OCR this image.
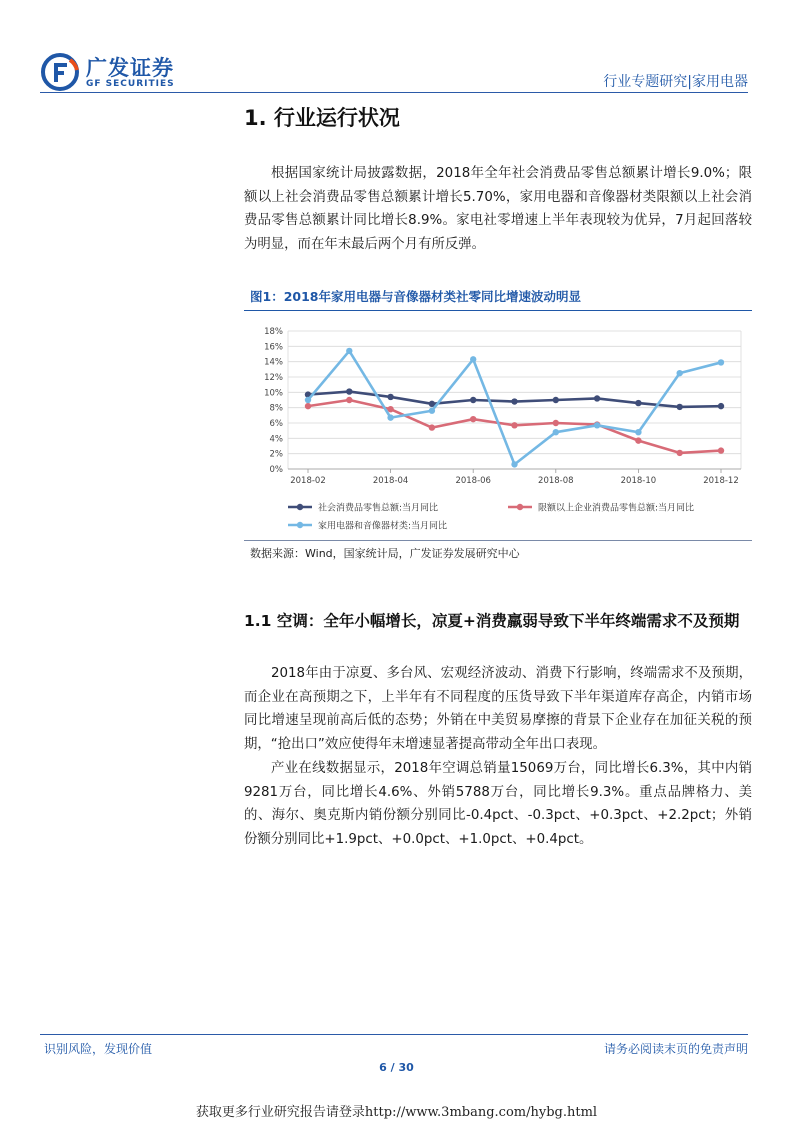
广发证券
GF SECURITIES	行业专题研究|家用电器
1. 行业运行状况
根据国家统计局披露数据，2018年全年社会消费品零售总额累计增长9.0%；限额以上社会消费品零售总额累计增长5.70%，家用电器和音像器材类限额以上社会消费品零售总额累计同比增长8.9%。家电社零增速上半年表现较为优异，7月起回落较为明显，而在年末最后两个月有所反弹。
图1：2018年家用电器与音像器材类社零同比增速波动明显
0%
2%
4%
6%
8%
10%
12%
14%
16%
18%
2018-02	2018-04	2018-06	2018-08	2018-10	2018-12
社会消费品零售总额:当月同比	限额以上企业消费品零售总额:当月同比
家用电器和音像器材类:当月同比
数据来源：Wind，国家统计局，广发证券发展研究中心
1.1 空调：全年小幅增长，凉夏+消费羸弱导致下半年终端需求不及预期
2018年由于凉夏、多台风、宏观经济波动、消费下行影响，终端需求不及预期，而企业在高预期之下，上半年有不同程度的压货导致下半年渠道库存高企，内销市场同比增速呈现前高后低的态势；外销在中美贸易摩擦的背景下企业存在加征关税的预期，“抢出口”效应使得年末增速显著提高带动全年出口表现。
产业在线数据显示，2018年空调总销量15069万台，同比增长6.3%，其中内销9281万台，同比增长4.6%、外销5788万台，同比增长9.3%。重点品牌格力、美的、海尔、奥克斯内销份额分别同比-0.4pct、-0.3pct、+0.3pct、+2.2pct；外销份额分别同比+1.9pct、+0.0pct、+1.0pct、+0.4pct。
识别风险，发现价值	请务必阅读末页的免责声明
6 / 30
获取更多行业研究报告请登录http://www.3mbang.com/hybg.html
